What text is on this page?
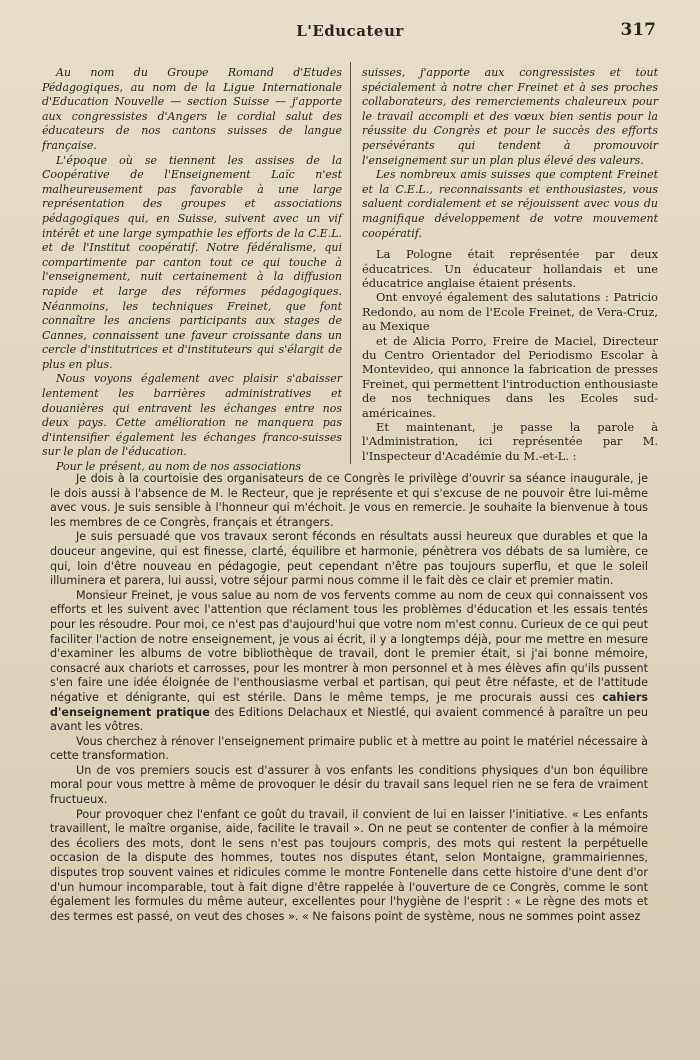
L'Educateur	317

Au nom du Groupe Romand d'Etudes Pédagogiques, au nom de la Ligue Internationale d'Education Nouvelle — section Suisse — j'apporte aux congressistes d'Angers le cordial salut des éducateurs de nos cantons suisses de langue française.

L'époque où se tiennent les assises de la Coopérative de l'Enseignement Laïc n'est malheureusement pas favorable à une large représentation des groupes et associations pédagogiques qui, en Suisse, suivent avec un vif intérêt et une large sympathie les efforts de la C.E.L. et de l'Institut coopératif. Notre fédéralisme, qui compartimente par canton tout ce qui touche à l'enseignement, nuit certainement à la diffusion rapide et large des réformes pédagogiques. Néanmoins, les techniques Freinet, que font connaître les anciens participants aux stages de Cannes, connaissent une faveur croissante dans un cercle d'institutrices et d'instituteurs qui s'élargit de plus en plus.

Nous voyons également avec plaisir s'abaisser lentement les barrières administratives et douanières qui entravent les échanges entre nos deux pays. Cette amélioration ne manquera pas d'intensifier également les échanges franco-suisses sur le plan de l'éducation.

Pour le présent, au nom de nos associations

suisses, j'apporte aux congressistes et tout spécialement à notre cher Freinet et à ses proches collaborateurs, des remerciements chaleureux pour le travail accompli et des vœux bien sentis pour la réussite du Congrès et pour le succès des efforts persévérants qui tendent à promouvoir l'enseignement sur un plan plus élevé des valeurs.

Les nombreux amis suisses que comptent Freinet et la C.E.L., reconnaissants et enthousiastes, vous saluent cordialement et se réjouissent avec vous du magnifique développement de votre mouvement coopératif.

La Pologne était représentée par deux éducatrices. Un éducateur hollandais et une éducatrice anglaise étaient présents.

Ont envoyé également des salutations : Patricio Redondo, au nom de l'Ecole Freinet, de Vera-Cruz, au Mexique

et de Alicia Porro, Freire de Maciel, Directeur du Centro Orientador del Periodismo Escolar à Montevideo, qui annonce la fabrication de presses Freinet, qui permettent l'introduction enthousiaste de nos techniques dans les Ecoles sud-américaines.

Et maintenant, je passe la parole à l'Administration, ici représentée par M. l'Inspecteur d'Académie du M.-et-L. :

Je dois à la courtoisie des organisateurs de ce Congrès le privilège d'ouvrir sa séance inaugurale, je le dois aussi à l'absence de M. le Recteur, que je représente et qui s'excuse de ne pouvoir être lui-même avec vous. Je suis sensible à l'honneur qui m'échoit. Je vous en remercie. Je souhaite la bienvenue à tous les membres de ce Congrès, français et étrangers.

Je suis persuadé que vos travaux seront féconds en résultats aussi heureux que durables et que la douceur angevine, qui est finesse, clarté, équilibre et harmonie, pénètrera vos débats de sa lumière, ce qui, loin d'être nouveau en pédagogie, peut cependant n'être pas toujours superflu, et que le soleil illuminera et parera, lui aussi, votre séjour parmi nous comme il le fait dès ce clair et premier matin.

Monsieur Freinet, je vous salue au nom de vos fervents comme au nom de ceux qui connaissent vos efforts et les suivent avec l'attention que réclament tous les problèmes d'éducation et les essais tentés pour les résoudre. Pour moi, ce n'est pas d'aujourd'hui que votre nom m'est connu. Curieux de ce qui peut faciliter l'action de notre enseignement, je vous ai écrit, il y a longtemps déjà, pour me mettre en mesure d'examiner les albums de votre bibliothèque de travail, dont le premier était, si j'ai bonne mémoire, consacré aux chariots et carrosses, pour les montrer à mon personnel et à mes élèves afin qu'ils pussent s'en faire une idée éloignée de l'enthousiasme verbal et partisan, qui peut être néfaste, et de l'attitude négative et dénigrante, qui est stérile. Dans le même temps, je me procurais aussi ces cahiers d'enseignement pratique des Editions Delachaux et Niestlé, qui avaient commencé à paraître un peu avant les vôtres.

Vous cherchez à rénover l'enseignement primaire public et à mettre au point le matériel nécessaire à cette transformation.

Un de vos premiers soucis est d'assurer à vos enfants les conditions physiques d'un bon équilibre moral pour vous mettre à même de provoquer le désir du travail sans lequel rien ne se fera de vraiment fructueux.

Pour provoquer chez l'enfant ce goût du travail, il convient de lui en laisser l'initiative. « Les enfants travaillent, le maître organise, aide, facilite le travail ». On ne peut se contenter de confier à la mémoire des écoliers des mots, dont le sens n'est pas toujours compris, des mots qui restent la perpétuelle occasion de la dispute des hommes, toutes nos disputes étant, selon Montaigne, grammairiennes, disputes trop souvent vaines et ridicules comme le montre Fontenelle dans cette histoire d'une dent d'or d'un humour incomparable, tout à fait digne d'être rappelée à l'ouverture de ce Congrès, comme le sont également les formules du même auteur, excellentes pour l'hygiène de l'esprit : « Le règne des mots et des termes est passé, on veut des choses ». « Ne faisons point de système, nous ne sommes point assez
